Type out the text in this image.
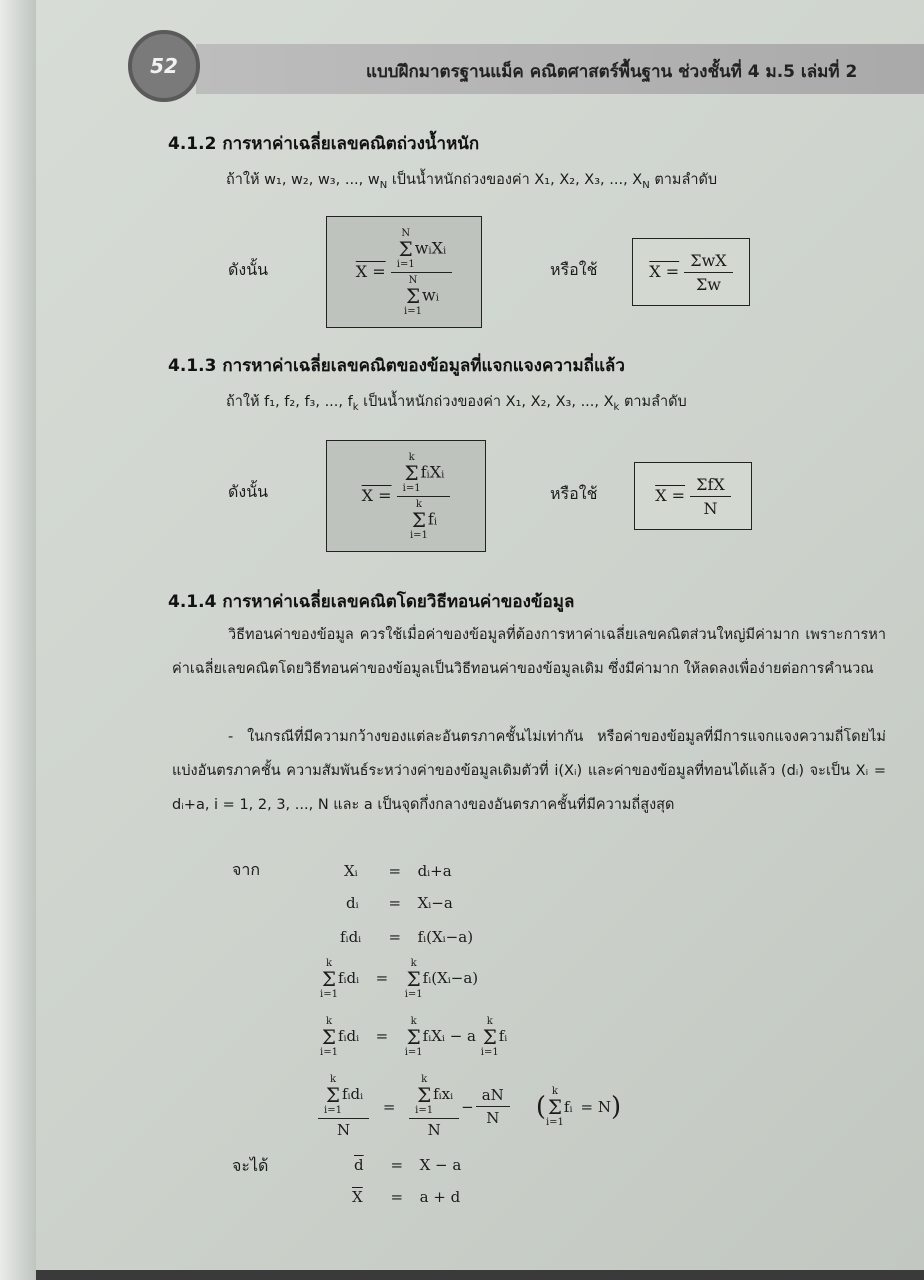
52	แบบฝึกมาตรฐานแม็ค คณิตศาสตร์พื้นฐาน ช่วงชั้นที่ 4 ม.5 เล่มที่ 2
4.1.2 การหาค่าเฉลี่ยเลขคณิตถ่วงน้ำหนัก
ถ้าให้ w₁, w₂, w₃, ..., $w_N$ เป็นน้ำหนักถ่วงของค่า X₁, X₂, X₃, ..., $X_N$ ตามลำดับ
ดังนั้น	X = N
Σ
i=1
wᵢXᵢ
N
Σ
i=1
wᵢ	หรือใช้	$X = \frac{\text{ΣwX}}{\Sigma w}$
4.1.3 การหาค่าเฉลี่ยเลขคณิตของข้อมูลที่แจกแจงความถี่แล้ว
ถ้าให้ f₁, f₂, f₃, ..., $f_k$ เป็นน้ำหนักถ่วงของค่า X₁, X₂, X₃, ..., $X_k$ ตามลำดับ
ดังนั้น	X = k
Σ
i=1
fᵢXᵢ
k
Σ
i=1
fᵢ	หรือใช้	$X = \frac{\text{ΣfX}}{N}$
4.1.4 การหาค่าเฉลี่ยเลขคณิตโดยวิธีทอนค่าของข้อมูล
วิธีทอนค่าของข้อมูล ควรใช้เมื่อค่าของข้อมูลที่ต้องการหาค่าเฉลี่ยเลขคณิตส่วนใหญ่มีค่ามาก เพราะการหาค่าเฉลี่ยเลขคณิตโดยวิธีทอนค่าของข้อมูลเป็นวิธีทอนค่าของข้อมูลเดิม ซึ่งมีค่ามาก ให้ลดลงเพื่อง่ายต่อการคำนวณ
- ในกรณีที่มีความกว้างของแต่ละอันตรภาคชั้นไม่เท่ากัน หรือค่าของข้อมูลที่มีการแจกแจงความถี่โดยไม่แบ่งอันตรภาคชั้น ความสัมพันธ์ระหว่างค่าของข้อมูลเดิมตัวที่ i(Xᵢ) และค่าของข้อมูลที่ทอนได้แล้ว (dᵢ) จะเป็น Xᵢ = dᵢ+a, i = 1, 2, 3, ..., N และ a เป็นจุดกึ่งกลางของอันตรภาคชั้นที่มีความถี่สูงสุด
จาก	Xᵢ = dᵢ+a
dᵢ = Xᵢ−a
fᵢdᵢ = fᵢ(Xᵢ−a)
k
Σ
i=1
fᵢdᵢ =
k
Σ
i=1
fᵢ(Xᵢ−a)
k
Σ
i=1
fᵢdᵢ =
k
Σ
i=1
fᵢXᵢ − a
k
Σ
i=1
fᵢ
k
Σ
i=1
fᵢdᵢ
N =	k
Σ
i=1
fᵢxᵢ
$N - \frac{aN}{N}$ (
k
Σ
i=1
fᵢ = N )
จะได้	$\overline{d} = X - a$
$\overline{X} = a + d$
